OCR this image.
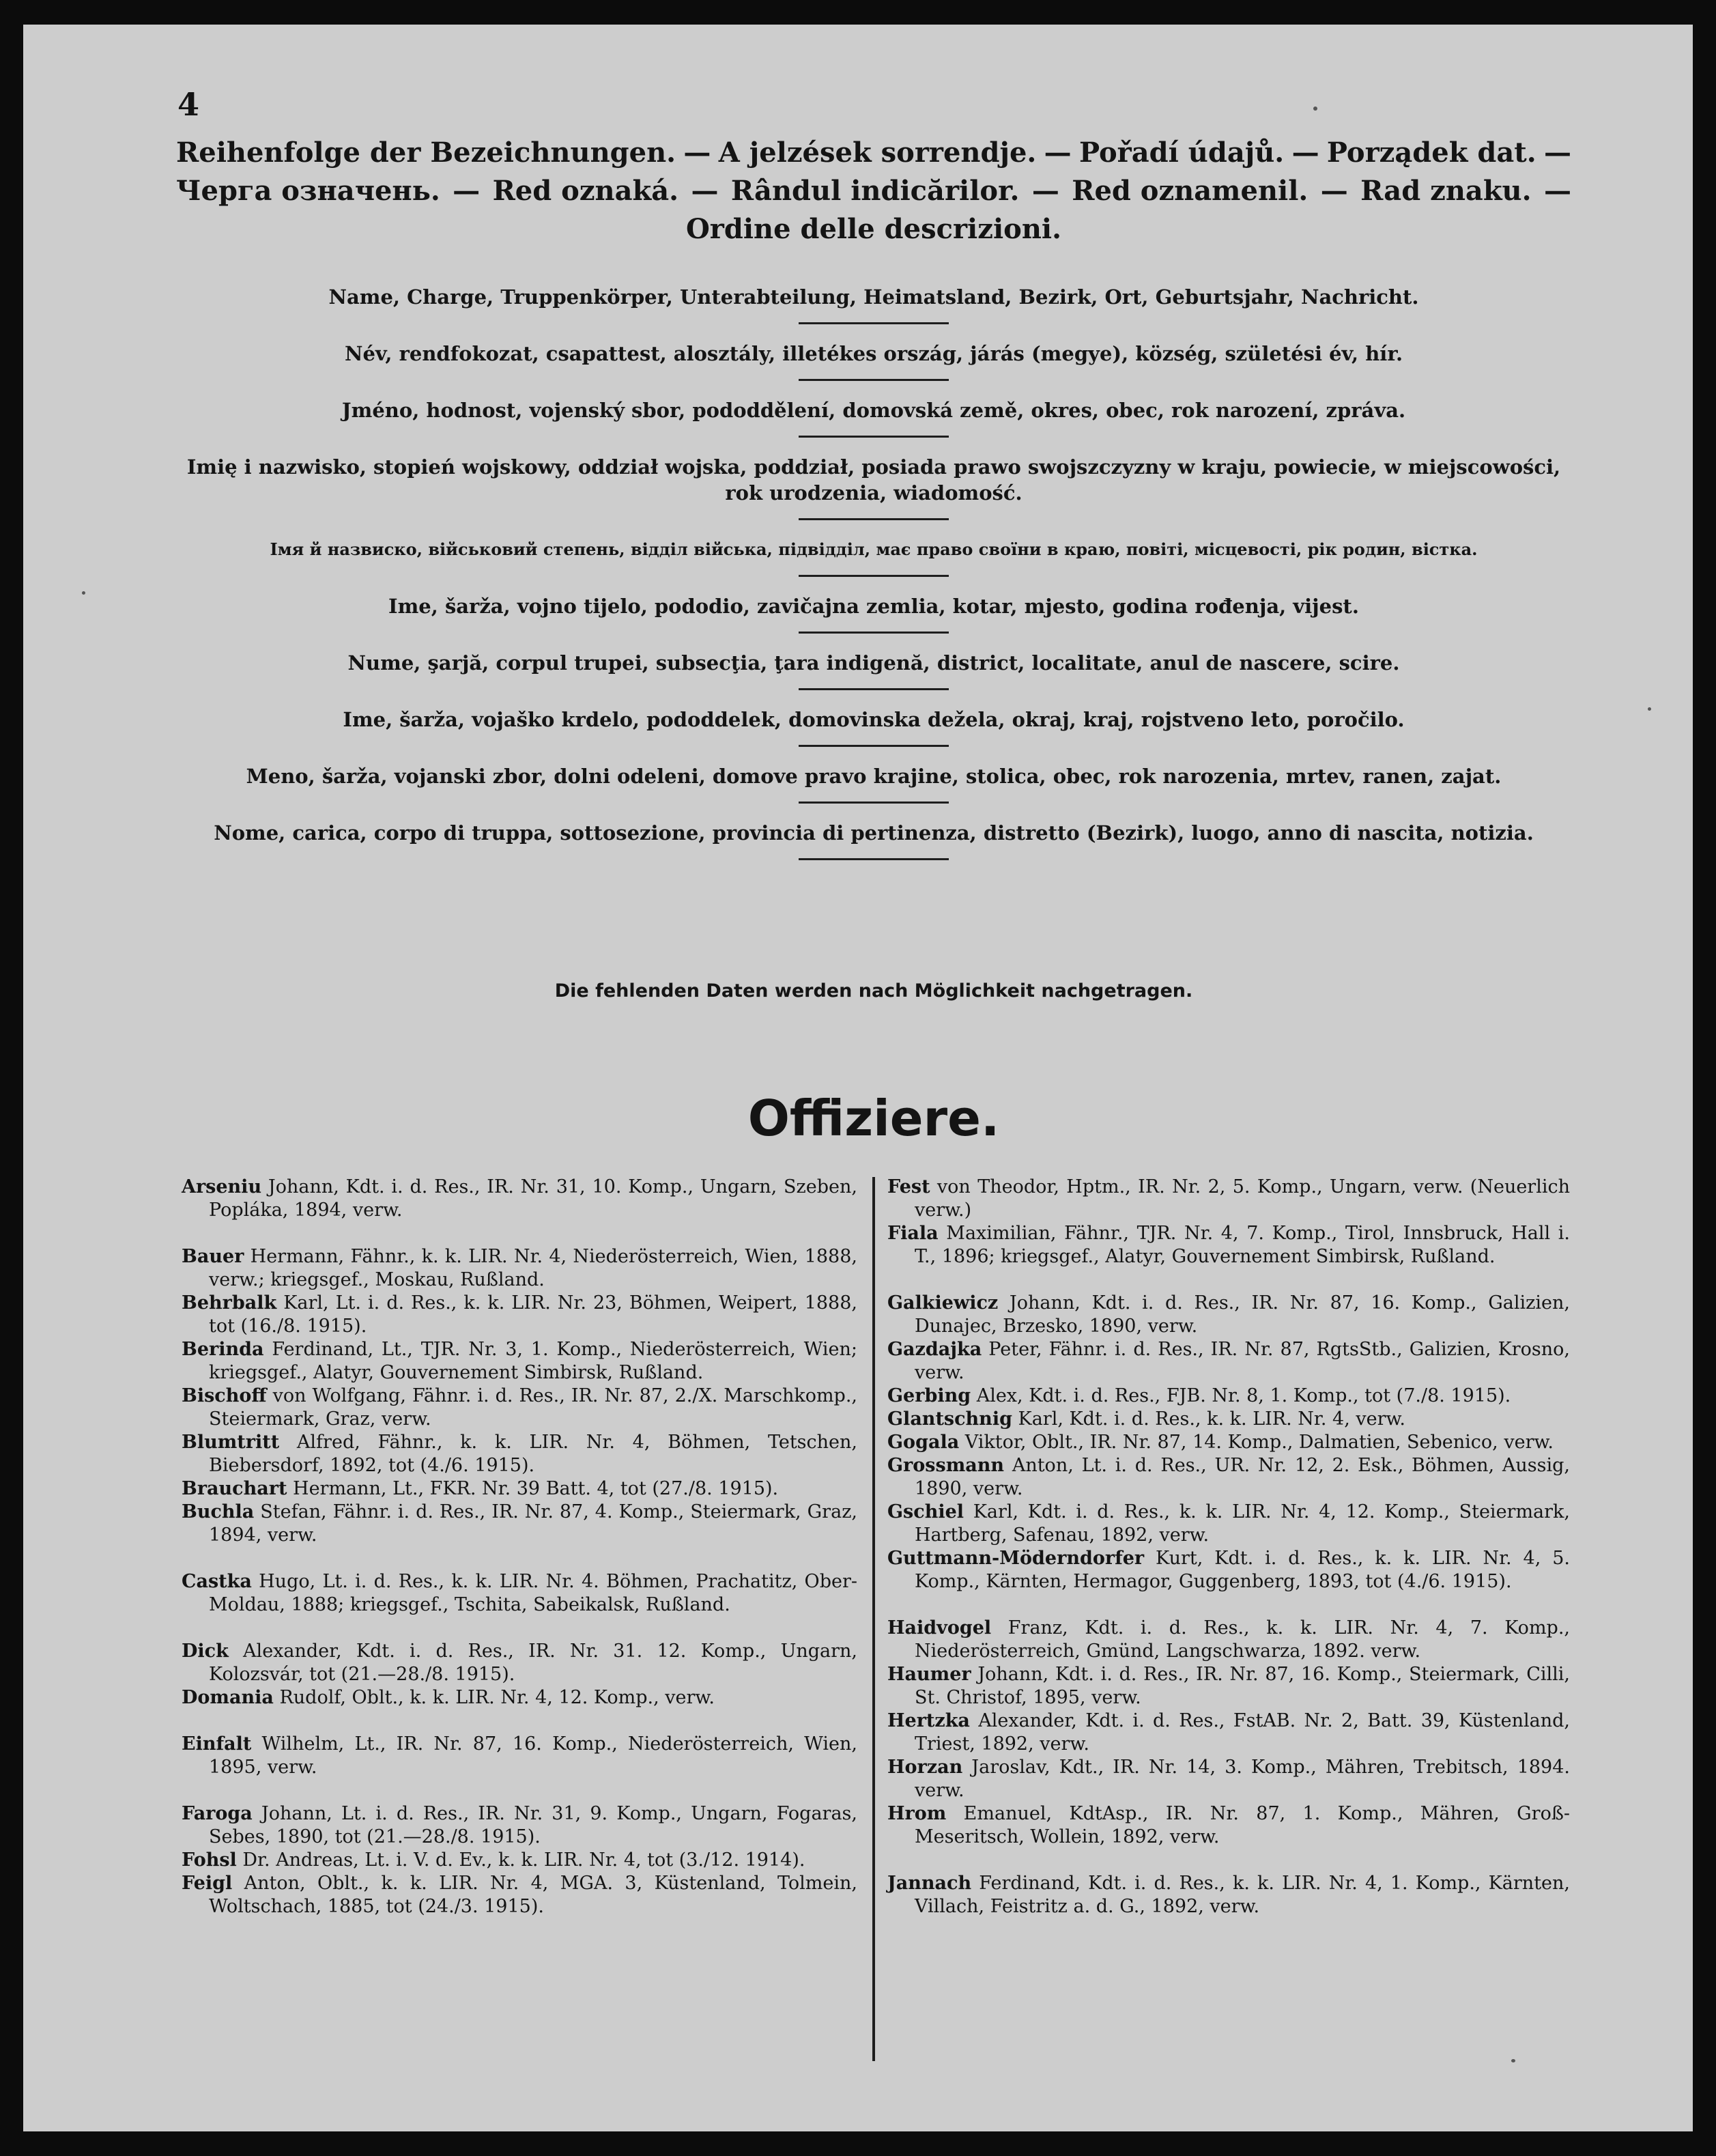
4
Reihenfolge der Bezeichnungen. — A jelzések sorrendje. — Pořadí údajů. — Porządek dat. —
Черга означень. — Red oznaká. — Rândul indicărilor. — Red oznamenil. — Rad znaku. —
Ordine delle descrizioni.

Name, Charge, Truppenkörper, Unterabteilung, Heimatsland, Bezirk, Ort, Geburtsjahr, Nachricht.

Név, rendfokozat, csapattest, alosztály, illetékes ország, járás (megye), község, születési év, hír.

Jméno, hodnost, vojenský sbor, pododdělení, domovská země, okres, obec, rok narození, zpráva.

Imię i nazwisko, stopień wojskowy, oddział wojska, poddział, posiada prawo swojszczyzny w kraju, powiecie, w miejscowości, rok urodzenia, wiadomość.

Імя й назвиско, військовий степень, відділ війська, підвідділ, має право своїни в краю, повіті, місцевості, рік родин, вістка.

Ime, šarža, vojno tijelo, pododio, zavičajna zemlia, kotar, mjesto, godina rođenja, vijest.

Nume, şarjă, corpul trupei, subsecţia, ţara indigenă, district, localitate, anul de nascere, scire.

Ime, šarža, vojaško krdelo, pododdelek, domovinska dežela, okraj, kraj, rojstveno leto, poročilo.

Meno, šarža, vojanski zbor, dolni odeleni, domove pravo krajine, stolica, obec, rok narozenia, mrtev, ranen, zajat.

Nome, carica, corpo di truppa, sottosezione, provincia di pertinenza, distretto (Bezirk), luogo, anno di nascita, notizia.

Die fehlenden Daten werden nach Möglichkeit nachgetragen.
Offiziere.
Arseniu Johann, Kdt. i. d. Res., IR. Nr. 31, 10. Komp., Ungarn, Szeben, Popláka, 1894, verw.
Bauer Hermann, Fähnr., k. k. LIR. Nr. 4, Niederösterreich, Wien, 1888, verw.; kriegsgef., Moskau, Rußland.
Behrbalk Karl, Lt. i. d. Res., k. k. LIR. Nr. 23, Böhmen, Weipert, 1888, tot (16./8. 1915).
Berinda Ferdinand, Lt., TJR. Nr. 3, 1. Komp., Niederösterreich, Wien; kriegsgef., Alatyr, Gouvernement Simbirsk, Rußland.
Bischoff von Wolfgang, Fähnr. i. d. Res., IR. Nr. 87, 2./X. Marschkomp., Steiermark, Graz, verw.
Blumtritt Alfred, Fähnr., k. k. LIR. Nr. 4, Böhmen, Tetschen, Biebersdorf, 1892, tot (4./6. 1915).
Brauchart Hermann, Lt., FKR. Nr. 39 Batt. 4, tot (27./8. 1915).
Buchla Stefan, Fähnr. i. d. Res., IR. Nr. 87, 4. Komp., Steiermark, Graz, 1894, verw.
Castka Hugo, Lt. i. d. Res., k. k. LIR. Nr. 4. Böhmen, Prachatitz, Ober-Moldau, 1888; kriegsgef., Tschita, Sabeikalsk, Rußland.
Dick Alexander, Kdt. i. d. Res., IR. Nr. 31. 12. Komp., Ungarn, Kolozsvár, tot (21.—28./8. 1915).
Domania Rudolf, Oblt., k. k. LIR. Nr. 4, 12. Komp., verw.
Einfalt Wilhelm, Lt., IR. Nr. 87, 16. Komp., Niederösterreich, Wien, 1895, verw.
Faroga Johann, Lt. i. d. Res., IR. Nr. 31, 9. Komp., Ungarn, Fogaras, Sebes, 1890, tot (21.—28./8. 1915).
Fohsl Dr. Andreas, Lt. i. V. d. Ev., k. k. LIR. Nr. 4, tot (3./12. 1914).
Feigl Anton, Oblt., k. k. LIR. Nr. 4, MGA. 3, Küstenland, Tolmein, Woltschach, 1885, tot (24./3. 1915).
Fest von Theodor, Hptm., IR. Nr. 2, 5. Komp., Ungarn, verw. (Neuerlich verw.)
Fiala Maximilian, Fähnr., TJR. Nr. 4, 7. Komp., Tirol, Innsbruck, Hall i. T., 1896; kriegsgef., Alatyr, Gouvernement Simbirsk, Rußland.
Galkiewicz Johann, Kdt. i. d. Res., IR. Nr. 87, 16. Komp., Galizien, Dunajec, Brzesko, 1890, verw.
Gazdajka Peter, Fähnr. i. d. Res., IR. Nr. 87, RgtsStb., Galizien, Krosno, verw.
Gerbing Alex, Kdt. i. d. Res., FJB. Nr. 8, 1. Komp., tot (7./8. 1915).
Glantschnig Karl, Kdt. i. d. Res., k. k. LIR. Nr. 4, verw.
Gogala Viktor, Oblt., IR. Nr. 87, 14. Komp., Dalmatien, Sebenico, verw.
Grossmann Anton, Lt. i. d. Res., UR. Nr. 12, 2. Esk., Böhmen, Aussig, 1890, verw.
Gschiel Karl, Kdt. i. d. Res., k. k. LIR. Nr. 4, 12. Komp., Steiermark, Hartberg, Safenau, 1892, verw.
Guttmann-Möderndorfer Kurt, Kdt. i. d. Res., k. k. LIR. Nr. 4, 5. Komp., Kärnten, Hermagor, Guggenberg, 1893, tot (4./6. 1915).
Haidvogel Franz, Kdt. i. d. Res., k. k. LIR. Nr. 4, 7. Komp., Niederösterreich, Gmünd, Langschwarza, 1892. verw.
Haumer Johann, Kdt. i. d. Res., IR. Nr. 87, 16. Komp., Steiermark, Cilli, St. Christof, 1895, verw.
Hertzka Alexander, Kdt. i. d. Res., FstAB. Nr. 2, Batt. 39, Küstenland, Triest, 1892, verw.
Horzan Jaroslav, Kdt., IR. Nr. 14, 3. Komp., Mähren, Trebitsch, 1894. verw.
Hrom Emanuel, KdtAsp., IR. Nr. 87, 1. Komp., Mähren, Groß-Meseritsch, Wollein, 1892, verw.
Jannach Ferdinand, Kdt. i. d. Res., k. k. LIR. Nr. 4, 1. Komp., Kärnten, Villach, Feistritz a. d. G., 1892, verw.
